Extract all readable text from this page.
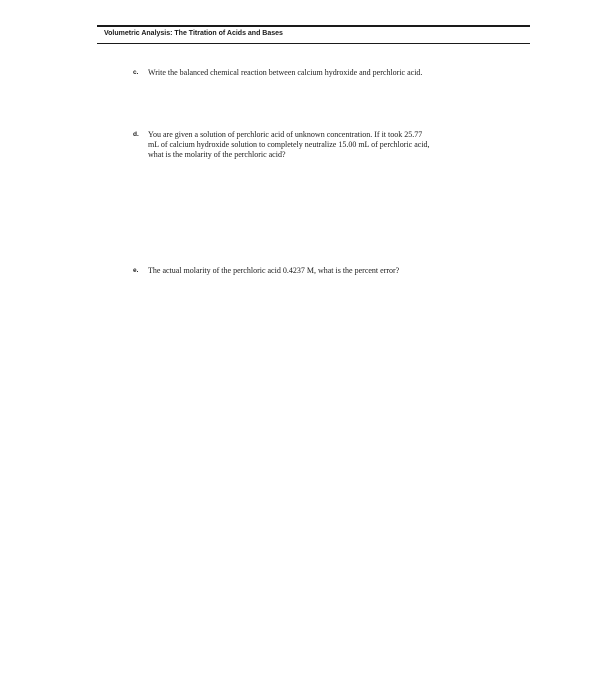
Volumetric Analysis: The Titration of Acids and Bases
c. Write the balanced chemical reaction between calcium hydroxide and perchloric acid.
d. You are given a solution of perchloric acid of unknown concentration. If it took 25.77
mL of calcium hydroxide solution to completely neutralize 15.00 mL of perchloric acid,
what is the molarity of the perchloric acid?
e. The actual molarity of the perchloric acid 0.4237 M, what is the percent error?
